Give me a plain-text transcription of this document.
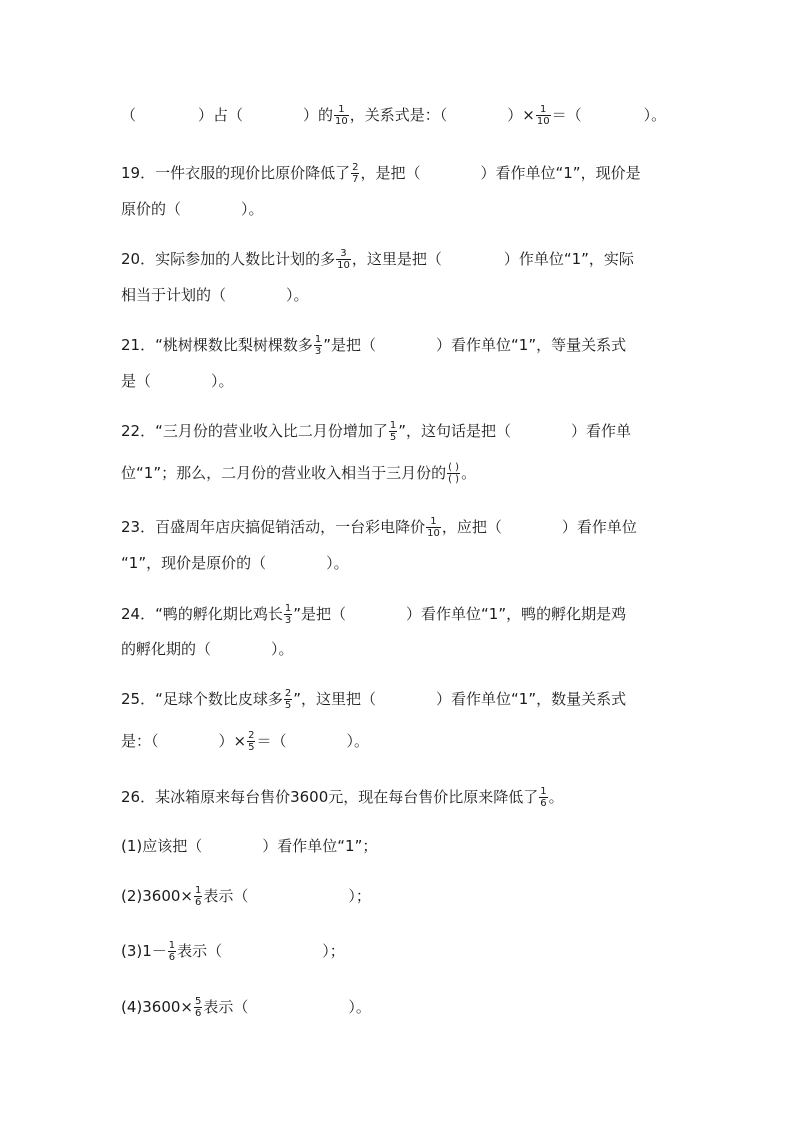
（	）占（	）的 $\frac{1}{10}$ ，关系式是：（	）× $\frac{1}{10}$ ＝（	）。
19．一件衣服的现价比原价降低了 $\frac{2}{7}$ ，是把（	）看作单位“1”，现价是
原价的（	）。
20．实际参加的人数比计划的多 $\frac{3}{10}$ ，这里是把（	）作单位“1”，实际
相当于计划的（	）。
21．“桃树棵数比梨树棵数多 $\frac{1}{3}$ ”是把（	）看作单位“1”，等量关系式
是（	）。
22．“三月份的营业收入比二月份增加了 $\frac{1}{5}$ ”，这句话是把（	）看作单
位“1”；那么，二月份的营业收入相当于三月份的 $\frac{( )}{( )}$ 。
23．百盛周年店庆搞促销活动，一台彩电降价 $\frac{1}{10}$ ，应把（	）看作单位
“1”，现价是原价的（	）。
24．“鸭的孵化期比鸡长 $\frac{1}{3}$ ”是把（	）看作单位“1”，鸭的孵化期是鸡
的孵化期的（	）。
25．“足球个数比皮球多 $\frac{2}{5}$ ”，这里把（	）看作单位“1”，数量关系式
是：（	）× $\frac{2}{5}$ ＝（	）。
26．某冰箱原来每台售价3600元，现在每台售价比原来降低了 $\frac{1}{6}$ 。
(1)应该把（	）看作单位“1”；
$(2)3600\times \frac{1}{6}$ 表示（	）；
$(3)1- \frac{1}{6}$ 表示（	）；
$(4)3600\times \frac{5}{6}$ 表示（	）。
